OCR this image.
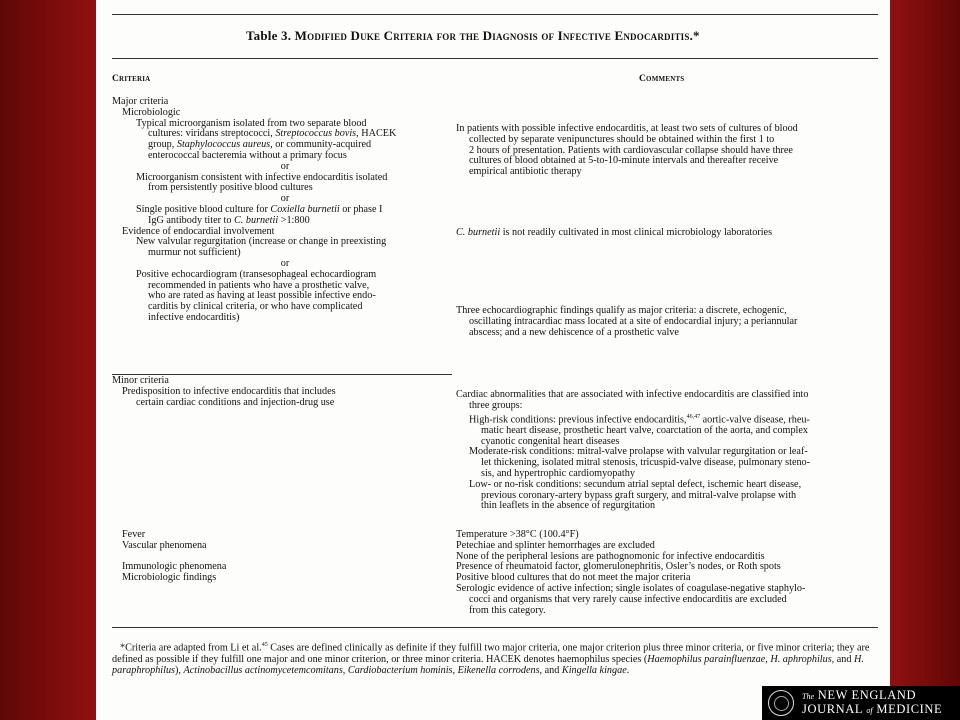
Table 3. Modified Duke Criteria for the Diagnosis of Infective Endocarditis.*
Criteria	Comments
Major criteria
Microbiologic
Typical microorganism isolated from two separate blood
cultures: viridans streptococci, Streptococcus bovis, HACEK
group, Staphylococcus aureus, or community-acquired
enterococcal bacteremia without a primary focus
or
Microorganism consistent with infective endocarditis isolated
from persistently positive blood cultures
or
Single positive blood culture for Coxiella burnetii or phase I
IgG antibody titer to C. burnetii >1:800
Evidence of endocardial involvement
New valvular regurgitation (increase or change in preexisting
murmur not sufficient)
or
Positive echocardiogram (transesophageal echocardiogram
recommended in patients who have a prosthetic valve,
who are rated as having at least possible infective endo-
carditis by clinical criteria, or who have complicated
infective endocarditis)
Minor criteria
Predisposition to infective endocarditis that includes
certain cardiac conditions and injection-drug use
Fever
Vascular phenomena
Immunologic phenomena
Microbiologic findings
In patients with possible infective endocarditis, at least two sets of cultures of blood
collected by separate venipunctures should be obtained within the first 1 to
2 hours of presentation. Patients with cardiovascular collapse should have three
cultures of blood obtained at 5-to-10-minute intervals and thereafter receive
empirical antibiotic therapy
C. burnetii is not readily cultivated in most clinical microbiology laboratories
Three echocardiographic findings qualify as major criteria: a discrete, echogenic,
oscillating intracardiac mass located at a site of endocardial injury; a periannular
abscess; and a new dehiscence of a prosthetic valve
Cardiac abnormalities that are associated with infective endocarditis are classified into
three groups:
High-risk conditions: previous infective endocarditis,$^{46,47}$ aortic-valve disease, rheu-
matic heart disease, prosthetic heart valve, coarctation of the aorta, and complex
cyanotic congenital heart diseases
Moderate-risk conditions: mitral-valve prolapse with valvular regurgitation or leaf-
let thickening, isolated mitral stenosis, tricuspid-valve disease, pulmonary steno-
sis, and hypertrophic cardiomyopathy
Low- or no-risk conditions: secundum atrial septal defect, ischemic heart disease,
previous coronary-artery bypass graft surgery, and mitral-valve prolapse with
thin leaflets in the absence of regurgitation
Temperature >38°C (100.4°F)
Petechiae and splinter hemorrhages are excluded
None of the peripheral lesions are pathognomonic for infective endocarditis
Presence of rheumatoid factor, glomerulonephritis, Osler’s nodes, or Roth spots
Positive blood cultures that do not meet the major criteria
Serologic evidence of active infection; single isolates of coagulase-negative staphylo-
cocci and organisms that very rarely cause infective endocarditis are excluded
from this category.
*Criteria are adapted from Li et al.$^{45}$ Cases are defined clinically as definite if they fulfill two major criteria, one major criterion plus three minor criteria, or five minor criteria; they are defined as possible if they fulfill one major and one minor criterion, or three minor criteria. HACEK denotes haemophilus species (Haemophilus parainfluenzae, H. aphrophilus, and H. paraphrophilus), Actinobacillus actinomycetemcomitans, Cardiobacterium hominis, Eikenella corrodens, and Kingella kingae.
The NEW ENGLAND
JOURNAL of MEDICINE
